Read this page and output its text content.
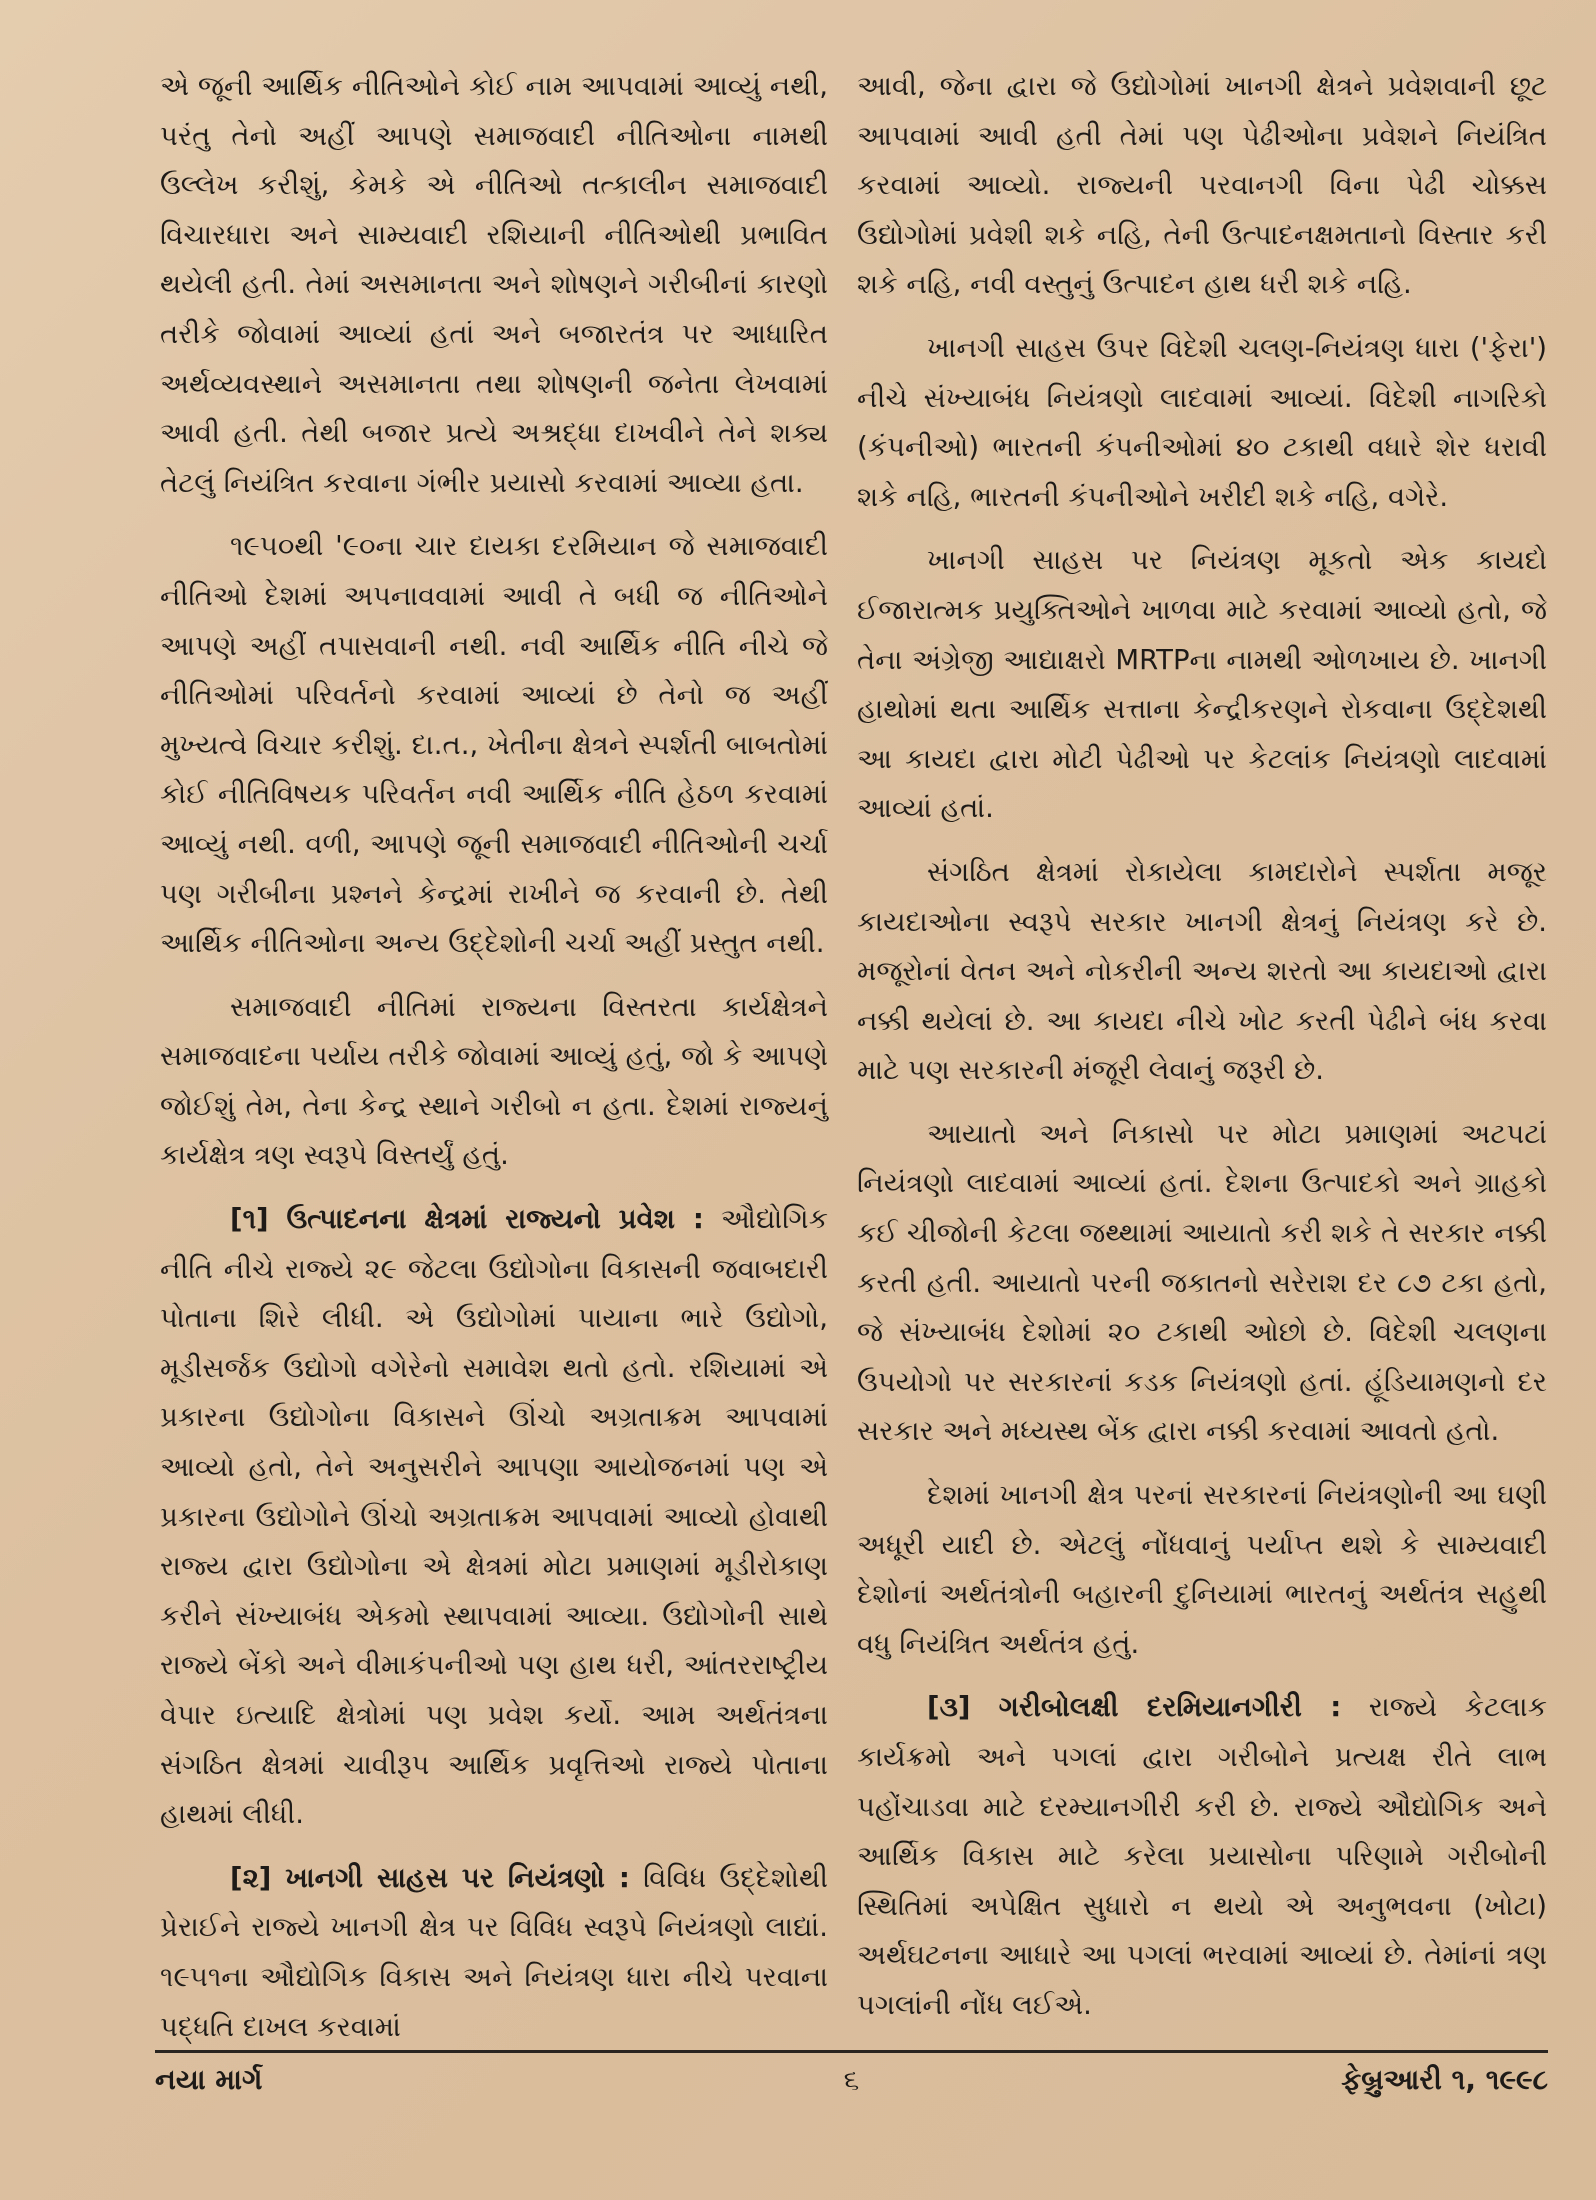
એ જૂની આર્થિક નીતિઓને કોઈ નામ આપવામાં આવ્યું નથી, પરંતુ તેનો અહીં આપણે સમાજવાદી નીતિઓના નામથી ઉલ્લેખ કરીશું, કેમકે એ નીતિઓ તત્કાલીન સમાજવાદી વિચારધારા અને સામ્યવાદી રશિયાની નીતિઓથી પ્રભાવિત થયેલી હતી. તેમાં અસમાનતા અને શોષણને ગરીબીનાં કારણો તરીકે જોવામાં આવ્યાં હતાં અને બજારતંત્ર પર આધારિત અર્થવ્યવસ્થાને અસમાનતા તથા શોષણની જનેતા લેખવામાં આવી હતી. તેથી બજાર પ્રત્યે અશ્રદ્ધા દાખવીને તેને શક્ય તેટલું નિયંત્રિત કરવાના ગંભીર પ્રયાસો કરવામાં આવ્યા હતા.

૧૯૫૦થી '૯૦ના ચાર દાયકા દરમિયાન જે સમાજવાદી નીતિઓ દેશમાં અપનાવવામાં આવી તે બધી જ નીતિઓને આપણે અહીં તપાસવાની નથી. નવી આર્થિક નીતિ નીચે જે નીતિઓમાં પરિવર્તનો કરવામાં આવ્યાં છે તેનો જ અહીં મુખ્યત્વે વિચાર કરીશું. દા.ત., ખેતીના ક્ષેત્રને સ્પર્શતી બાબતોમાં કોઈ નીતિવિષયક પરિવર્તન નવી આર્થિક નીતિ હેઠળ કરવામાં આવ્યું નથી. વળી, આપણે જૂની સમાજવાદી નીતિઓની ચર્ચા પણ ગરીબીના પ્રશ્નને કેન્દ્રમાં રાખીને જ કરવાની છે. તેથી આર્થિક નીતિઓના અન્ય ઉદ્દેશોની ચર્ચા અહીં પ્રસ્તુત નથી.

સમાજવાદી નીતિમાં રાજ્યના વિસ્તરતા કાર્યક્ષેત્રને સમાજવાદના પર્યાય તરીકે જોવામાં આવ્યું હતું, જો કે આપણે જોઈશું તેમ, તેના કેન્દ્ર સ્થાને ગરીબો ન હતા. દેશમાં રાજ્યનું કાર્યક્ષેત્ર ત્રણ સ્વરૂપે વિસ્તર્યું હતું.

[૧] ઉત્પાદનના ક્ષેત્રમાં રાજ્યનો પ્રવેશ : ઔદ્યોગિક નીતિ નીચે રાજ્યે ૨૯ જેટલા ઉદ્યોગોના વિકાસની જવાબદારી પોતાના શિરે લીધી. એ ઉદ્યોગોમાં પાયાના ભારે ઉદ્યોગો, મૂડીસર્જક ઉદ્યોગો વગેરેનો સમાવેશ થતો હતો. રશિયામાં એ પ્રકારના ઉદ્યોગોના વિકાસને ઊંચો અગ્રતાક્રમ આપવામાં આવ્યો હતો, તેને અનુસરીને આપણા આયોજનમાં પણ એ પ્રકારના ઉદ્યોગોને ઊંચો અગ્રતાક્રમ આપવામાં આવ્યો હોવાથી રાજ્ય દ્વારા ઉદ્યોગોના એ ક્ષેત્રમાં મોટા પ્રમાણમાં મૂડીરોકાણ કરીને સંખ્યાબંધ એકમો સ્થાપવામાં આવ્યા. ઉદ્યોગોની સાથે રાજ્યે બેંકો અને વીમાકંપનીઓ પણ હાથ ધરી, આંતરરાષ્ટ્રીય વેપાર ઇત્યાદિ ક્ષેત્રોમાં પણ પ્રવેશ કર્યો. આમ અર્થતંત્રના સંગઠિત ક્ષેત્રમાં ચાવીરૂપ આર્થિક પ્રવૃત્તિઓ રાજ્યે પોતાના હાથમાં લીધી.

[૨] ખાનગી સાહસ પર નિયંત્રણો : વિવિધ ઉદ્દેશોથી પ્રેરાઈને રાજ્યે ખાનગી ક્ષેત્ર પર વિવિધ સ્વરૂપે નિયંત્રણો લાદ્યાં. ૧૯૫૧ના ઔદ્યોગિક વિકાસ અને નિયંત્રણ ધારા નીચે પરવાના પદ્ધતિ દાખલ કરવામાં

આવી, જેના દ્વારા જે ઉદ્યોગોમાં ખાનગી ક્ષેત્રને પ્રવેશવાની છૂટ આપવામાં આવી હતી તેમાં પણ પેઢીઓના પ્રવેશને નિયંત્રિત કરવામાં આવ્યો. રાજ્યની પરવાનગી વિના પેઢી ચોક્કસ ઉદ્યોગોમાં પ્રવેશી શકે નહિ, તેની ઉત્પાદનક્ષમતાનો વિસ્તાર કરી શકે નહિ, નવી વસ્તુનું ઉત્પાદન હાથ ધરી શકે નહિ.

ખાનગી સાહસ ઉપર વિદેશી ચલણ-નિયંત્રણ ધારા ('ફેરા') નીચે સંખ્યાબંધ નિયંત્રણો લાદવામાં આવ્યાં. વિદેશી નાગરિકો (કંપનીઓ) ભારતની કંપનીઓમાં ૪૦ ટકાથી વધારે શેર ધરાવી શકે નહિ, ભારતની કંપનીઓને ખરીદી શકે નહિ, વગેરે.

ખાનગી સાહસ પર નિયંત્રણ મૂકતો એક કાયદો ઈજારાત્મક પ્રયુક્તિઓને ખાળવા માટે કરવામાં આવ્યો હતો, જે તેના અંગ્રેજી આદ્યાક્ષરો MRTPના નામથી ઓળખાય છે. ખાનગી હાથોમાં થતા આર્થિક સત્તાના કેન્દ્રીકરણને રોકવાના ઉદ્દેશથી આ કાયદા દ્વારા મોટી પેઢીઓ પર કેટલાંક નિયંત્રણો લાદવામાં આવ્યાં હતાં.

સંગઠિત ક્ષેત્રમાં રોકાયેલા કામદારોને સ્પર્શતા મજૂર કાયદાઓના સ્વરૂપે સરકાર ખાનગી ક્ષેત્રનું નિયંત્રણ કરે છે. મજૂરોનાં વેતન અને નોકરીની અન્ય શરતો આ કાયદાઓ દ્વારા નક્કી થયેલાં છે. આ કાયદા નીચે ખોટ કરતી પેઢીને બંધ કરવા માટે પણ સરકારની મંજૂરી લેવાનું જરૂરી છે.

આયાતો અને નિકાસો પર મોટા પ્રમાણમાં અટપટાં નિયંત્રણો લાદવામાં આવ્યાં હતાં. દેશના ઉત્પાદકો અને ગ્રાહકો કઈ ચીજોની કેટલા જથ્થામાં આયાતો કરી શકે તે સરકાર નક્કી કરતી હતી. આયાતો પરની જકાતનો સરેરાશ દર ૮૭ ટકા હતો, જે સંખ્યાબંધ દેશોમાં ૨૦ ટકાથી ઓછો છે. વિદેશી ચલણના ઉપયોગો પર સરકારનાં કડક નિયંત્રણો હતાં. હૂંડિયામણનો દર સરકાર અને મધ્યસ્થ બેંક દ્વારા નક્કી કરવામાં આવતો હતો.

દેશમાં ખાનગી ક્ષેત્ર પરનાં સરકારનાં નિયંત્રણોની આ ઘણી અધૂરી યાદી છે. એટલું નોંધવાનું પર્યાપ્ત થશે કે સામ્યવાદી દેશોનાં અર્થતંત્રોની બહારની દુનિયામાં ભારતનું અર્થતંત્ર સહુથી વધુ નિયંત્રિત અર્થતંત્ર હતું.

[૩] ગરીબોલક્ષી દરમિયાનગીરી : રાજ્યે કેટલાક કાર્યક્રમો અને પગલાં દ્વારા ગરીબોને પ્રત્યક્ષ રીતે લાભ પહોંચાડવા માટે દરમ્યાનગીરી કરી છે. રાજ્યે ઔદ્યોગિક અને આર્થિક વિકાસ માટે કરેલા પ્રયાસોના પરિણામે ગરીબોની સ્થિતિમાં અપેક્ષિત સુધારો ન થયો એ અનુભવના (ખોટા) અર્થઘટનના આધારે આ પગલાં ભરવામાં આવ્યાં છે. તેમાંનાં ત્રણ પગલાંની નોંધ લઈએ.

નયા માર્ગ	૬	ફેબ્રુઆરી ૧, ૧૯૯૮
